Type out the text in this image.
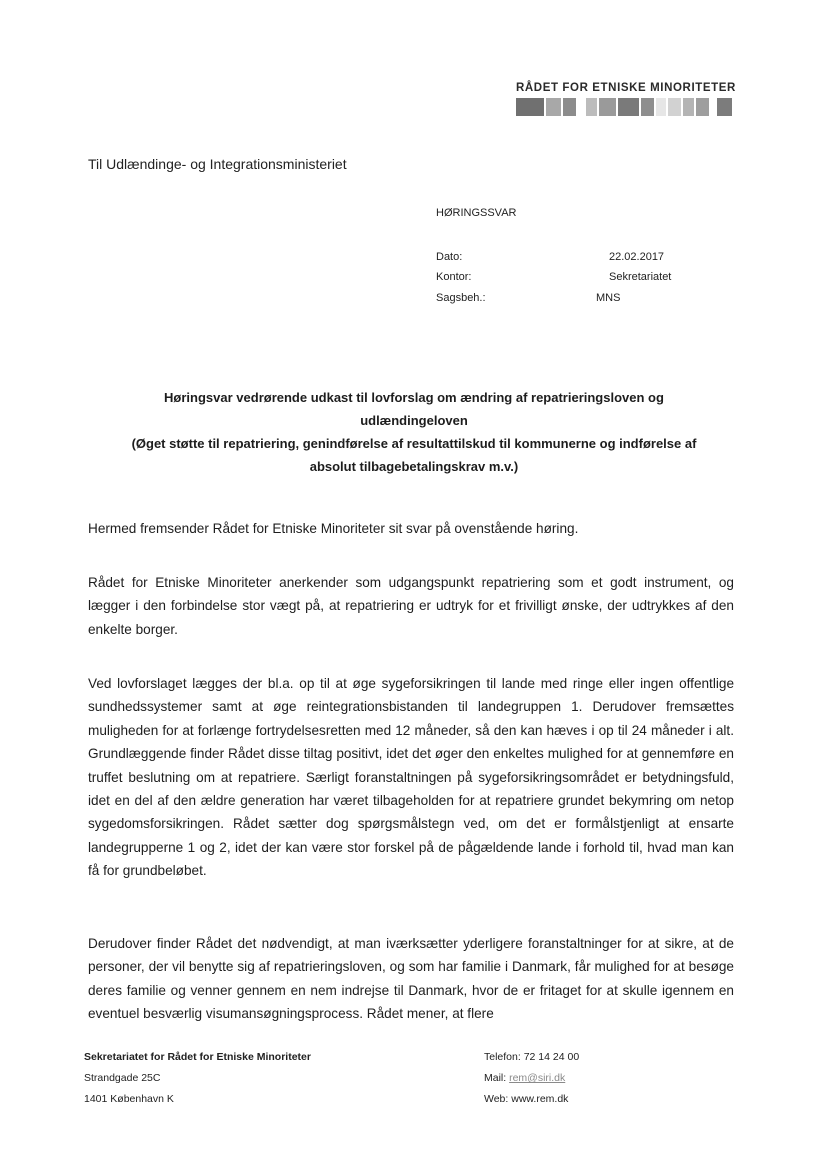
RÅDET FOR ETNISKE MINORITETER
Til Udlændinge- og Integrationsministeriet
HØRINGSSVAR
Dato:	22.02.2017
Kontor:	Sekretariatet
Sagsbeh.:	MNS
Høringsvar vedrørende udkast til lovforslag om ændring af repatrieringsloven og
udlændingeloven
(Øget støtte til repatriering, genindførelse af resultattilskud til kommunerne og indførelse af
absolut tilbagebetalingskrav m.v.)
Hermed fremsender Rådet for Etniske Minoriteter sit svar på ovenstående høring.
Rådet for Etniske Minoriteter anerkender som udgangspunkt repatriering som et godt instrument, og lægger i den forbindelse stor vægt på, at repatriering er udtryk for et frivilligt ønske, der udtrykkes af den enkelte borger.
Ved lovforslaget lægges der bl.a. op til at øge sygeforsikringen til lande med ringe eller ingen offentlige sundhedssystemer samt at øge reintegrationsbistanden til landegruppen 1. Derudover fremsættes muligheden for at forlænge fortrydelsesretten med 12 måneder, så den kan hæves i op til 24 måneder i alt. Grundlæggende finder Rådet disse tiltag positivt, idet det øger den enkeltes mulighed for at gennemføre en truffet beslutning om at repatriere. Særligt foranstaltningen på sygeforsikringsområdet er betydningsfuld, idet en del af den ældre generation har været tilbageholden for at repatriere grundet bekymring om netop sygedomsforsikringen. Rådet sætter dog spørgsmålstegn ved, om det er formålstjenligt at ensarte landegrupperne 1 og 2, idet der kan være stor forskel på de pågældende lande i forhold til, hvad man kan få for grundbeløbet.
Derudover finder Rådet det nødvendigt, at man iværksætter yderligere foranstaltninger for at sikre, at de personer, der vil benytte sig af repatrieringsloven, og som har familie i Danmark, får mulighed for at besøge deres familie og venner gennem en nem indrejse til Danmark, hvor de er fritaget for at skulle igennem en eventuel besværlig visumansøgningsprocess. Rådet mener, at flere
Sekretariatet for Rådet for Etniske Minoriteter
Strandgade 25C
1401 København K
Telefon: 72 14 24 00
Mail: rem@siri.dk
Web: www.rem.dk
